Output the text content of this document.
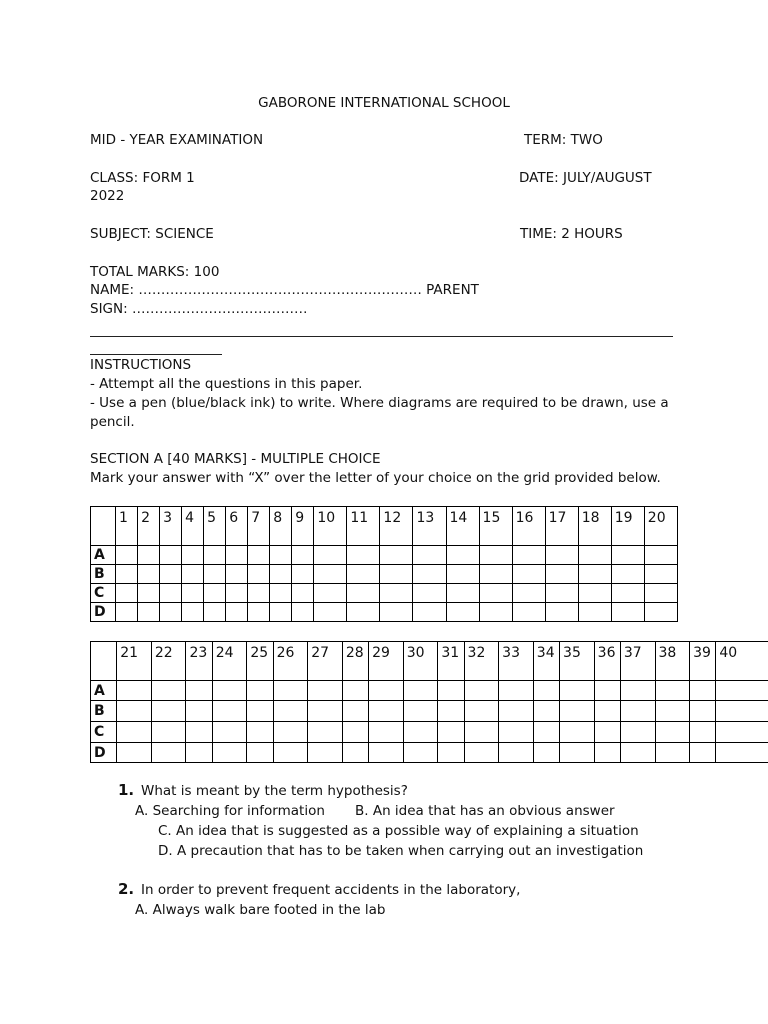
GABORONE INTERNATIONAL SCHOOL
MID - YEAR EXAMINATION	TERM: TWO
CLASS: FORM 1	DATE: JULY/AUGUST
2022
SUBJECT: SCIENCE	TIME: 2 HOURS
TOTAL MARKS: 100
NAME: ……………………………………………………… PARENT
SIGN: …………………………………
INSTRUCTIONS
- Attempt all the questions in this paper.
- Use a pen (blue/black ink) to write. Where diagrams are required to be drawn, use a
pencil.
SECTION A [40 MARKS] - MULTIPLE CHOICE
Mark your answer with “X” over the letter of your choice on the grid provided below.

	1	2	3	4	5	6	7	8	9	10	11	12	13	14	15	16	17	18	19	20

A																				
B																				
C																				
D																				

	21	22	23	24	25	26	27	28	29	30	31	32	33	34	35	36	37	38	39	40

A																				
B																				
C																				
D																				
1. What is meant by the term hypothesis?
A. Searching for information B. An idea that has an obvious answer
C. An idea that is suggested as a possible way of explaining a situation
D. A precaution that has to be taken when carrying out an investigation
2. In order to prevent frequent accidents in the laboratory,
A. Always walk bare footed in the lab
